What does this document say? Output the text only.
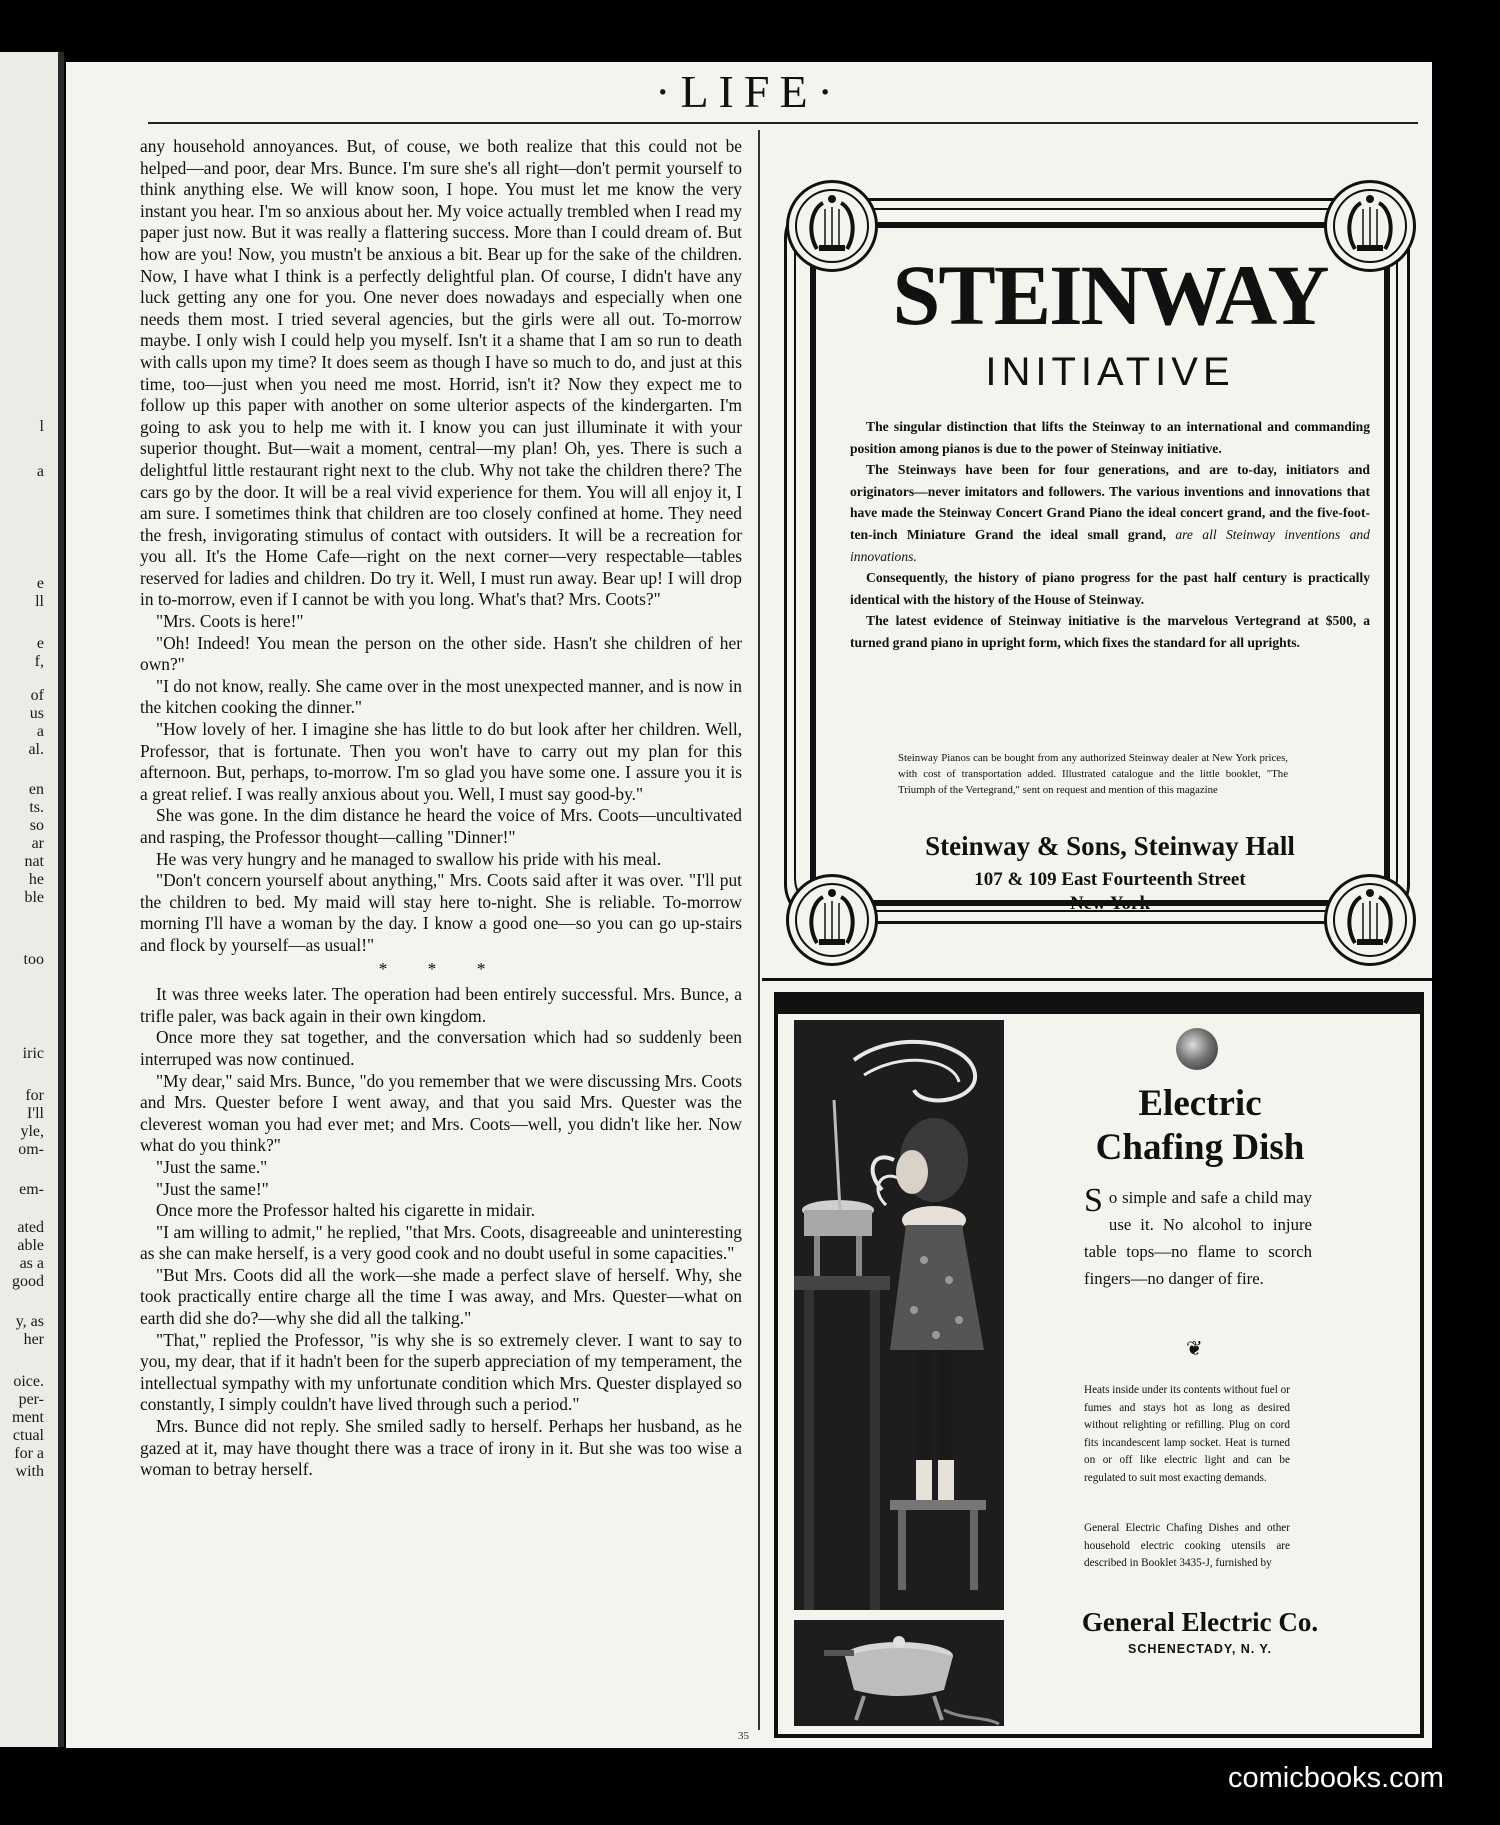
l
a
e
ll
e
f,
of
us
a
al.
en
ts.
so
ar
nat
he
ble
too
iric
for
I'll
yle,
om-
em-
ated
able
as a
good
y, as
her
oice.
per-
ment
ctual
for a
with
·LIFE·

any household annoyances. But, of couse, we both realize that this could not be helped—and poor, dear Mrs. Bunce. I'm sure she's all right—don't permit yourself to think anything else. We will know soon, I hope. You must let me know the very instant you hear. I'm so anxious about her. My voice actually trembled when I read my paper just now. But it was really a flattering success. More than I could dream of. But how are you! Now, you mustn't be anxious a bit. Bear up for the sake of the children. Now, I have what I think is a perfectly delightful plan. Of course, I didn't have any luck getting any one for you. One never does nowadays and especially when one needs them most. I tried several agencies, but the girls were all out. To-morrow maybe. I only wish I could help you myself. Isn't it a shame that I am so run to death with calls upon my time? It does seem as though I have so much to do, and just at this time, too—just when you need me most. Horrid, isn't it? Now they expect me to follow up this paper with another on some ulterior aspects of the kindergarten. I'm going to ask you to help me with it. I know you can just illuminate it with your superior thought. But—wait a moment, central—my plan! Oh, yes. There is such a delightful little restaurant right next to the club. Why not take the children there? The cars go by the door. It will be a real vivid experience for them. You will all enjoy it, I am sure. I sometimes think that children are too closely confined at home. They need the fresh, invigorating stimulus of contact with outsiders. It will be a recreation for you all. It's the Home Cafe—right on the next corner—very respectable—tables reserved for ladies and children. Do try it. Well, I must run away. Bear up! I will drop in to-morrow, even if I cannot be with you long. What's that? Mrs. Coots?"

"Mrs. Coots is here!"

"Oh! Indeed! You mean the person on the other side. Hasn't she children of her own?"

"I do not know, really. She came over in the most unexpected manner, and is now in the kitchen cooking the dinner."

"How lovely of her. I imagine she has little to do but look after her children. Well, Professor, that is fortunate. Then you won't have to carry out my plan for this afternoon. But, perhaps, to-morrow. I'm so glad you have some one. I assure you it is a great relief. I was really anxious about you. Well, I must say good-by."

She was gone. In the dim distance he heard the voice of Mrs. Coots—uncultivated and rasping, the Professor thought—calling "Dinner!"

He was very hungry and he managed to swallow his pride with his meal.

"Don't concern yourself about anything," Mrs. Coots said after it was over. "I'll put the children to bed. My maid will stay here to-night. She is reliable. To-morrow morning I'll have a woman by the day. I know a good one—so you can go up-stairs and flock by yourself—as usual!"

* * *

It was three weeks later. The operation had been entirely successful. Mrs. Bunce, a trifle paler, was back again in their own kingdom.

Once more they sat together, and the conversation which had so suddenly been interruped was now continued.

"My dear," said Mrs. Bunce, "do you remember that we were discussing Mrs. Coots and Mrs. Quester before I went away, and that you said Mrs. Quester was the cleverest woman you had ever met; and Mrs. Coots—well, you didn't like her. Now what do you think?"

"Just the same."

"Just the same!"

Once more the Professor halted his cigarette in midair.

"I am willing to admit," he replied, "that Mrs. Coots, disagreeable and uninteresting as she can make herself, is a very good cook and no doubt useful in some capacities."

"But Mrs. Coots did all the work—she made a perfect slave of herself. Why, she took practically entire charge all the time I was away, and Mrs. Quester—what on earth did she do?—why she did all the talking."

"That," replied the Professor, "is why she is so extremely clever. I want to say to you, my dear, that if it hadn't been for the superb appreciation of my temperament, the intellectual sympathy with my unfortunate condition which Mrs. Quester displayed so constantly, I simply couldn't have lived through such a period."

Mrs. Bunce did not reply. She smiled sadly to herself. Perhaps her husband, as he gazed at it, may have thought there was a trace of irony in it. But she was too wise a woman to betray herself.

STEINWAY
INITIATIVE

The singular distinction that lifts the Steinway to an international and commanding position among pianos is due to the power of Steinway initiative.

The Steinways have been for four generations, and are to-day, initiators and originators—never imitators and followers. The various inventions and innovations that have made the Steinway Concert Grand Piano the ideal concert grand, and the five-foot-ten-inch Miniature Grand the ideal small grand, are all Steinway inventions and innovations.

Consequently, the history of piano progress for the past half century is practically identical with the history of the House of Steinway.

The latest evidence of Steinway initiative is the marvelous Vertegrand at $500, a turned grand piano in upright form, which fixes the standard for all uprights.

Steinway Pianos can be bought from any authorized Steinway dealer at New York prices, with cost of transportation added. Illustrated catalogue and the little booklet, "The Triumph of the Vertegrand," sent on request and mention of this magazine
Steinway & Sons, Steinway Hall
107 & 109 East Fourteenth Street
New York
Electric
Chafing Dish
So simple and safe a child may use it. No alcohol to injure table tops—no flame to scorch fingers—no danger of fire.
❦
Heats inside under its contents without fuel or fumes and stays hot as long as desired without relighting or refilling. Plug on cord fits incandescent lamp socket. Heat is turned on or off like electric light and can be regulated to suit most exacting demands.
General Electric Chafing Dishes and other household electric cooking utensils are described in Booklet 3435-J, furnished by
General Electric Co.
SCHENECTADY, N. Y.
35
comicbooks.com
